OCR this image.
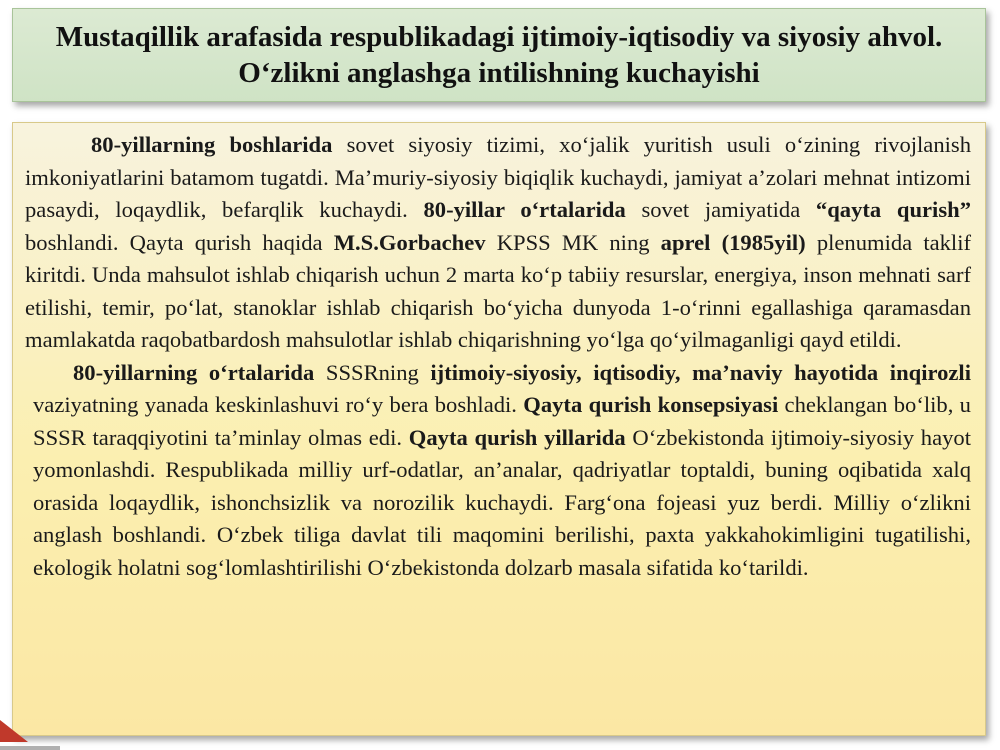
Mustaqillik arafasida respublikadagi ijtimoiy-iqtisodiy va siyosiy ahvol. O‘zlikni anglashga intilishning kuchayishi

80-yillarning boshlarida sovet siyosiy tizimi, xo‘jalik yuritish usuli o‘zining rivojlanish imkoniyatlarini batamom tugatdi. Ma’muriy-siyosiy biqiqlik kuchaydi, jamiyat a’zolari mehnat intizomi pasaydi, loqaydlik, befarqlik kuchaydi. 80-yillar o‘rtalarida sovet jamiyatida “qayta qurish” boshlandi. Qayta qurish haqida M.S.Gorbachev KPSS MK ning aprel (1985yil) plenumida taklif kiritdi. Unda mahsulot ishlab chiqarish uchun 2 marta ko‘p tabiiy resurslar, energiya, inson mehnati sarf etilishi, temir, po‘lat, stanoklar ishlab chiqarish bo‘yicha dunyoda 1-o‘rinni egallashiga qaramasdan mamlakatda raqobatbardosh mahsulotlar ishlab chiqarishning yo‘lga qo‘yilmaganligi qayd etildi.

80-yillarning o‘rtalarida SSSRning ijtimoiy-siyosiy, iqtisodiy, ma’naviy hayotida inqirozli vaziyatning yanada keskinlashuvi ro‘y bera boshladi. Qayta qurish konsepsiyasi cheklangan bo‘lib, u SSSR taraqqiyotini ta’minlay olmas edi. Qayta qurish yillarida O‘zbekistonda ijtimoiy-siyosiy hayot yomonlashdi. Respublikada milliy urf-odatlar, an’analar, qadriyatlar toptaldi, buning oqibatida xalq orasida loqaydlik, ishonchsizlik va norozilik kuchaydi. Farg‘ona fojeasi yuz berdi. Milliy o‘zlikni anglash boshlandi. O‘zbek tiliga davlat tili maqomini berilishi, paxta yakkahokimligini tugatilishi, ekologik holatni sog‘lomlashtirilishi O‘zbekistonda dolzarb masala sifatida ko‘tarildi.
